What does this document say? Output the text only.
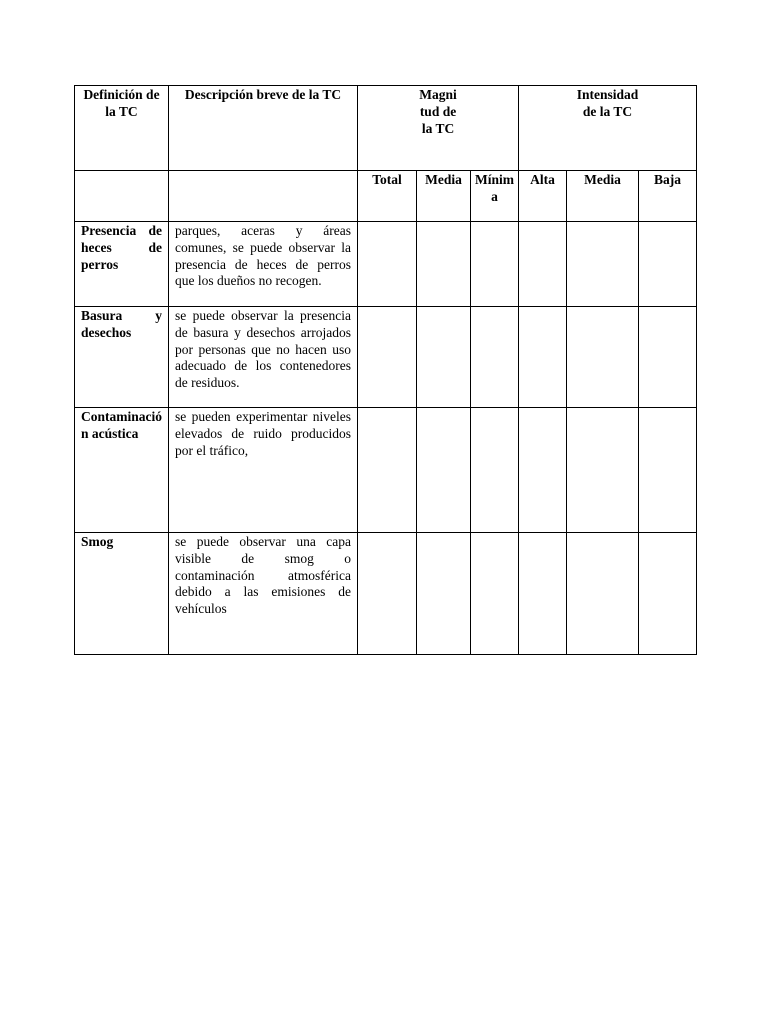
Definición de la TC	Descripción breve de la TC	Magnitud de la TC			Intensidad de la TC		

		Total	Media	Mínima	Alta	Media	Baja
Presencia de heces de perros	parques, aceras y áreas comunes, se puede observar la presencia de heces de perros que los dueños no recogen.						
Basura y desechos	se puede observar la presencia de basura y desechos arrojados por personas que no hacen uso adecuado de los contenedores de residuos.						

Contaminación acústica	se pueden experimentar niveles elevados de ruido producidos por el tráfico,						
Smog	se puede observar una capa visible de smog o contaminación atmosférica debido a las emisiones de vehículos						
